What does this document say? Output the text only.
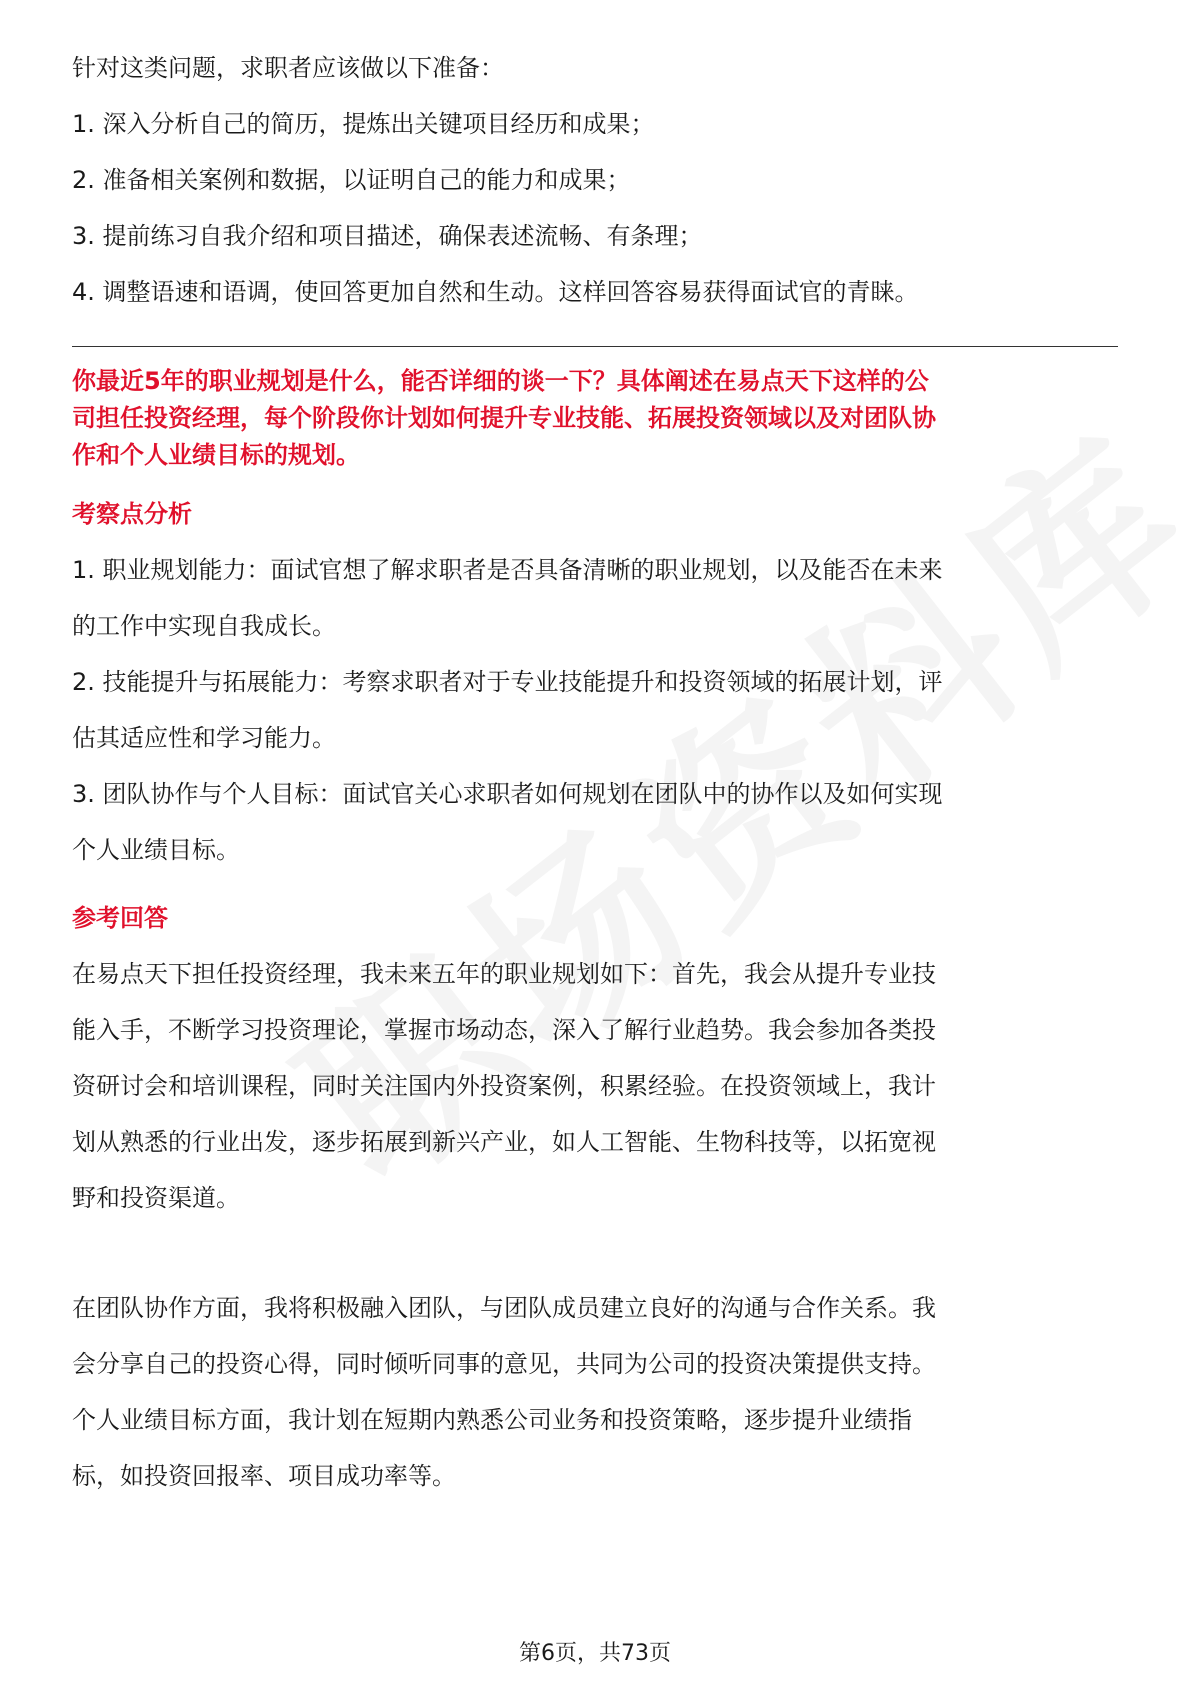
针对这类问题，求职者应该做以下准备：

1. 深入分析自己的简历，提炼出关键项目经历和成果；

2. 准备相关案例和数据，以证明自己的能力和成果；

3. 提前练习自我介绍和项目描述，确保表述流畅、有条理；

4. 调整语速和语调，使回答更加自然和生动。这样回答容易获得面试官的青睐。

你最近5年的职业规划是什么，能否详细的谈一下？具体阐述在易点天下这样的公
司担任投资经理，每个阶段你计划如何提升专业技能、拓展投资领域以及对团队协
作和个人业绩目标的规划。
考察点分析

1. 职业规划能力：面试官想了解求职者是否具备清晰的职业规划，以及能否在未来

的工作中实现自我成长。

2. 技能提升与拓展能力：考察求职者对于专业技能提升和投资领域的拓展计划，评

估其适应性和学习能力。

3. 团队协作与个人目标：面试官关心求职者如何规划在团队中的协作以及如何实现

个人业绩目标。

参考回答

在易点天下担任投资经理，我未来五年的职业规划如下：首先，我会从提升专业技

能入手，不断学习投资理论，掌握市场动态，深入了解行业趋势。我会参加各类投

资研讨会和培训课程，同时关注国内外投资案例，积累经验。在投资领域上，我计

划从熟悉的行业出发，逐步拓展到新兴产业，如人工智能、生物科技等，以拓宽视

野和投资渠道。

在团队协作方面，我将积极融入团队，与团队成员建立良好的沟通与合作关系。我

会分享自己的投资心得，同时倾听同事的意见，共同为公司的投资决策提供支持。

个人业绩目标方面，我计划在短期内熟悉公司业务和投资策略，逐步提升业绩指

标，如投资回报率、项目成功率等。

第6页，共73页
